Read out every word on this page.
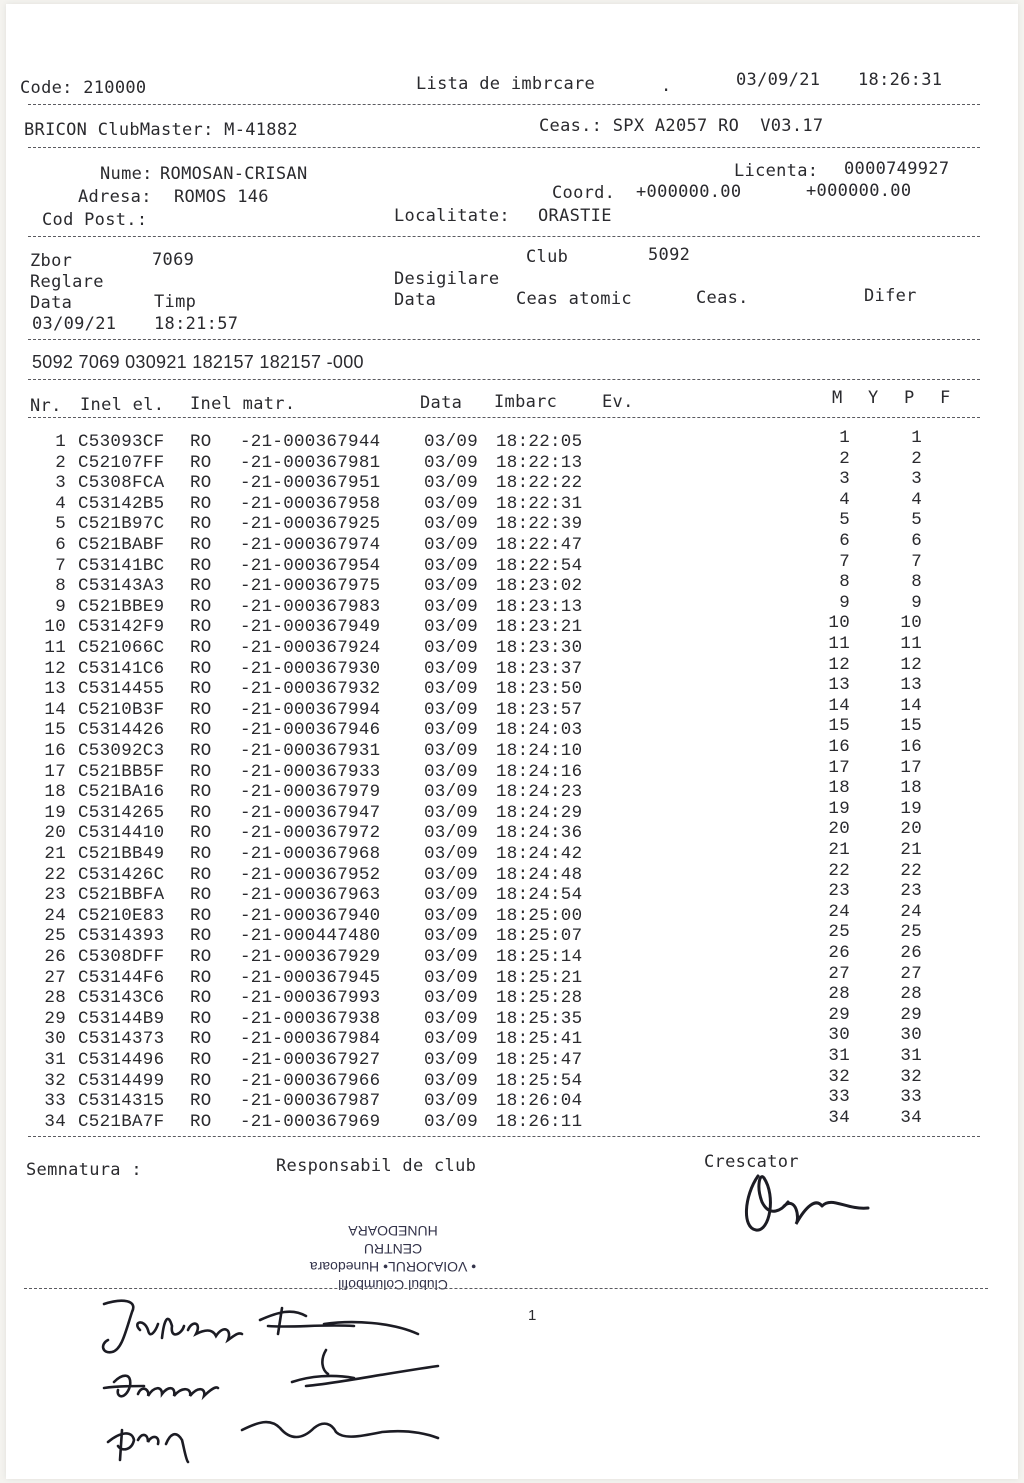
Code: 210000	Lista de imbrcare	.	03/09/21 18:26:31
BRICON ClubMaster: M-41882	Ceas.: SPX A2057 RO  V03.17
Nume: ROMOSAN-CRISAN	Licenta: 0000749927
Adresa: ROMOS 146	Coord. +000000.00	+000000.00
Cod Post.:	Localitate: ORASTIE
Zbor	7069	Club	5092
Reglare	Desigilare
Data	Timp	Data	Ceas atomic	Ceas.	Difer
03/09/21 18:21:57
5092 7069 030921 182157 182157 -000
Nr. Inel el. Inel matr.	Data Imbarc	Ev.	M Y P F
1 C53093CF RO -21-000367944 03/09 18:22:05	1	1
2 C52107FF RO -21-000367981 03/09 18:22:13	2	2
3 C5308FCA RO -21-000367951 03/09 18:22:22	3	3
4 C53142B5 RO -21-000367958 03/09 18:22:31	4	4
5 C521B97C RO -21-000367925 03/09 18:22:39	5	5
6 C521BABF RO -21-000367974 03/09 18:22:47	6	6
7 C53141BC RO -21-000367954 03/09 18:22:54	7	7
8 C53143A3 RO -21-000367975 03/09 18:23:02	8	8
9 C521BBE9 RO -21-000367983 03/09 18:23:13	9	9
10 C53142F9 RO -21-000367949 03/09 18:23:21	10	10
11 C521066C RO -21-000367924 03/09 18:23:30	11	11
12 C53141C6 RO -21-000367930 03/09 18:23:37	12	12
13 C5314455 RO -21-000367932 03/09 18:23:50	13	13
14 C5210B3F RO -21-000367994 03/09 18:23:57	14	14
15 C5314426 RO -21-000367946 03/09 18:24:03	15	15
16 C53092C3 RO -21-000367931 03/09 18:24:10	16	16
17 C521BB5F RO -21-000367933 03/09 18:24:16	17	17
18 C521BA16 RO -21-000367979 03/09 18:24:23	18	18
19 C5314265 RO -21-000367947 03/09 18:24:29	19	19
20 C5314410 RO -21-000367972 03/09 18:24:36	20	20
21 C521BB49 RO -21-000367968 03/09 18:24:42	21	21
22 C531426C RO -21-000367952 03/09 18:24:48	22	22
23 C521BBFA RO -21-000367963 03/09 18:24:54	23	23
24 C5210E83 RO -21-000367940 03/09 18:25:00	24	24
25 C5314393 RO -21-000447480 03/09 18:25:07	25	25
26 C5308DFF RO -21-000367929 03/09 18:25:14	26	26
27 C53144F6 RO -21-000367945 03/09 18:25:21	27	27
28 C53143C6 RO -21-000367993 03/09 18:25:28	28	28
29 C53144B9 RO -21-000367938 03/09 18:25:35	29	29
30 C5314373 RO -21-000367984 03/09 18:25:41	30	30
31 C5314496 RO -21-000367927 03/09 18:25:47	31	31
32 C5314499 RO -21-000367966 03/09 18:25:54	32	32
33 C5314315 RO -21-000367987 03/09 18:26:04	33	33
34 C521BA7F RO -21-000367969 03/09 18:26:11	34	34
Semnatura :	Responsabil de club	Crescator
Clubul Columbofil
• VOIAJORUL• Hunedoara
CENTRU
HUNEDOARA
1
